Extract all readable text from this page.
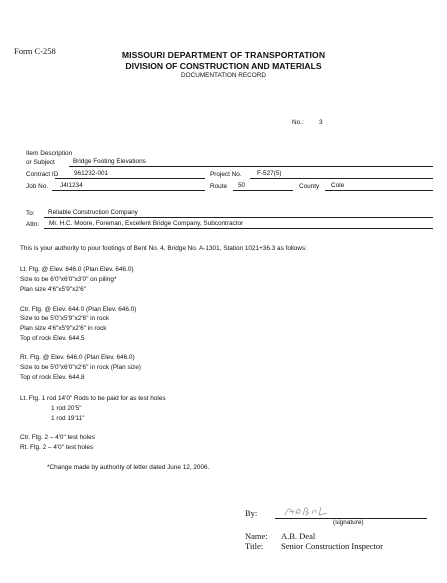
Form C-258	MISSOURI DEPARTMENT OF TRANSPORTATION
DIVISION OF CONSTRUCTION AND MATERIALS
DOCUMENTATION RECORD
No.: 3
Item Description
or Subject	Bridge Footing Elevations
Contract ID 961232-001	Project No. F-527(5)
Job No. J4I1234	Route 50	County Cole
To: Reliable Construction Company
Attn: Mr. H.C. Moore, Foreman, Excellent Bridge Company, Subcontractor
This is your authority to pour footings of Bent No. 4, Bridge No. A-1301, Station 1021+36.3 as follows:
Lt. Ftg. @ Elev. 646.0 (Plan Elev. 646.0)
Size to be 6'0"x6'0"x3'0" on piling*
Plan size 4'6"x5'9"x2'6"
Ctr. Ftg. @ Elev. 644.0 (Plan Elev. 646.0)
Size to be 5'0"x5'9"x2'6" in rock
Plan size 4'6"x5'9"x2'6" in rock
Top of rock Elev. 644.5
Rt. Ftg. @ Elev. 646.0 (Plan Elev. 646.0)
Size to be 5'0"x6'0"x2'6" in rock (Plan size)
Top of rock Elev. 644.8
Lt. Ftg. 1 rod 14'0" Rods to be paid for as test holes
1 rod 20'5"
1 rod 19'11"
Ctr. Ftg. 2 – 4'0" test holes
Rt. Ftg. 2 – 4'0" test holes
*Change made by authority of letter dated June 12, 2006.
By:
(signature)
Name: A.B. Deal
Title: Senior Construction Inspector
